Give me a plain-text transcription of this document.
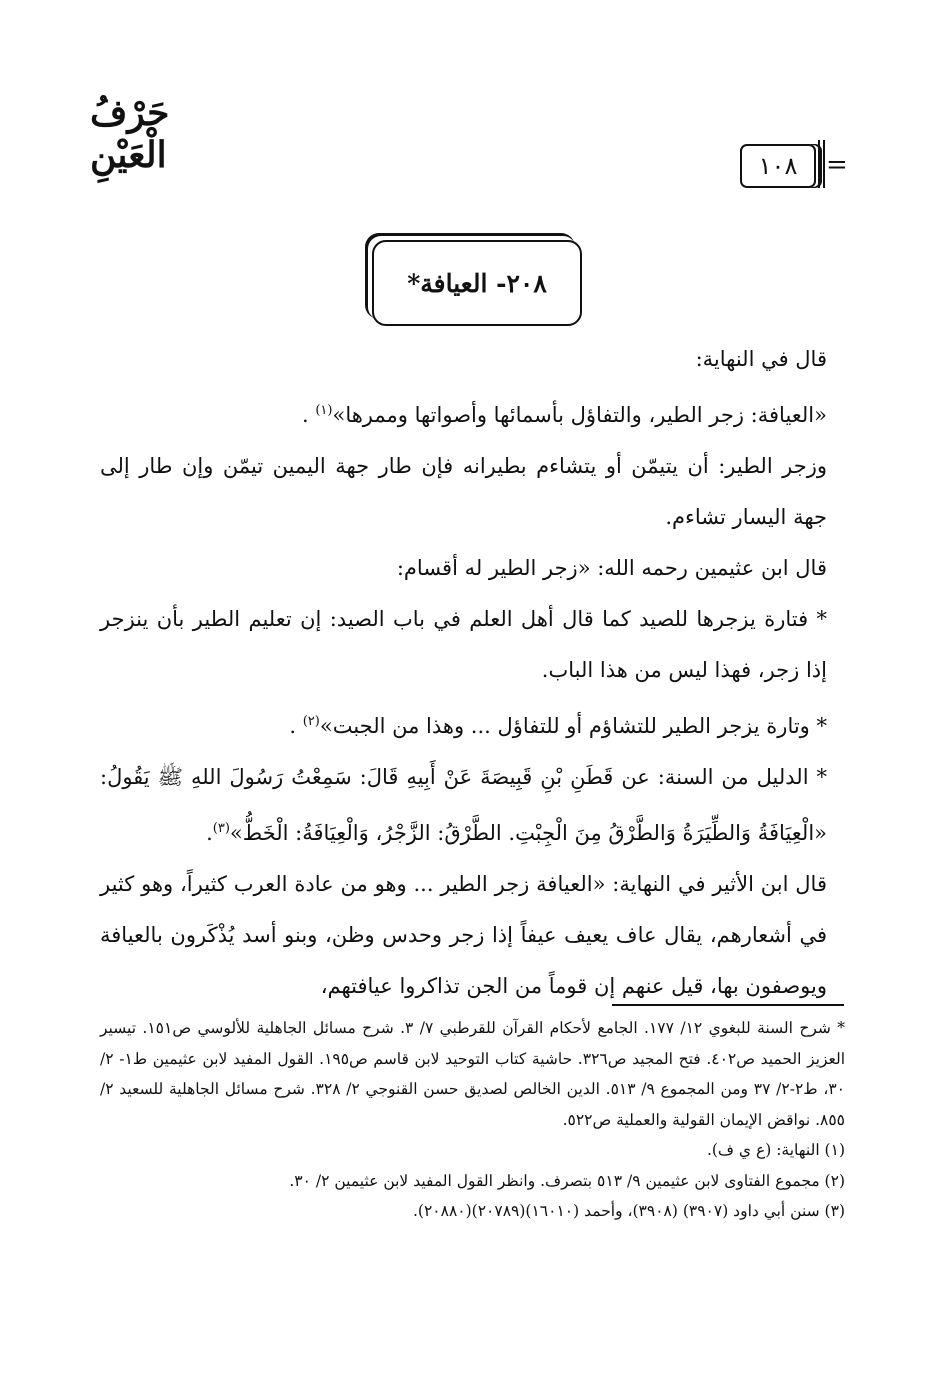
حَرْفُ الْعَيْنِ	١٠٨	=
٢٠٨- العيافة*

قال في النهاية:

«العيافة: زجر الطير، والتفاؤل بأسمائها وأصواتها وممرها»$^{(١)}$ .

وزجر الطير: أن يتيمّن أو يتشاءم بطيرانه فإن طار جهة اليمين تيمّن وإن طار إلى جهة اليسار تشاءم.

قال ابن عثيمين رحمه الله: «زجر الطير له أقسام:

* فتارة يزجرها للصيد كما قال أهل العلم في باب الصيد: إن تعليم الطير بأن ينزجر إذا زجر، فهذا ليس من هذا الباب.

* وتارة يزجر الطير للتشاؤم أو للتفاؤل ... وهذا من الجبت»$^{(٢)}$ .

* الدليل من السنة: عن قَطَنِ بْنِ قَبِيصَةَ عَنْ أَبِيهِ قَالَ: سَمِعْتُ رَسُولَ اللهِ ﷺ يَقُولُ: «الْعِيَافَةُ وَالطِّيَرَةُ وَالطَّرْقُ مِنَ الْجِبْتِ. الطَّرْقُ: الزَّجْرُ، وَالْعِيَافَةُ: الْخَطُّ»$^{(٣)}$.

قال ابن الأثير في النهاية: «العيافة زجر الطير ... وهو من عادة العرب كثيراً، وهو كثير في أشعارهم، يقال عاف يعيف عيفاً إذا زجر وحدس وظن، وبنو أسد يُذْكَرون بالعيافة ويوصفون بها، قيل عنهم إن قوماً من الجن تذاكروا عيافتهم،

* شرح السنة للبغوي ١٢/ ١٧٧. الجامع لأحكام القرآن للقرطبي ٧/ ٣. شرح مسائل الجاهلية للألوسي ص١٥١. تيسير العزيز الحميد ص٤٠٢. فتح المجيد ص٣٢٦. حاشية كتاب التوحيد لابن قاسم ص١٩٥. القول المفيد لابن عثيمين ط١- ٢/ ٣٠، ط٢-٢/ ٣٧ ومن المجموع ٩/ ٥١٣. الدين الخالص لصديق حسن القنوجي ٢/ ٣٢٨. شرح مسائل الجاهلية للسعيد ٢/ ٨٥٥. نواقض الإيمان القولية والعملية ص٥٢٢.

(١) النهاية: (ع ي ف).

(٢) مجموع الفتاوى لابن عثيمين ٩/ ٥١٣ بتصرف. وانظر القول المفيد لابن عثيمين ٢/ ٣٠.

(٣) سنن أبي داود (٣٩٠٧) (٣٩٠٨)، وأحمد (١٦٠١٠)(٢٠٧٨٩)(٢٠٨٨٠).
